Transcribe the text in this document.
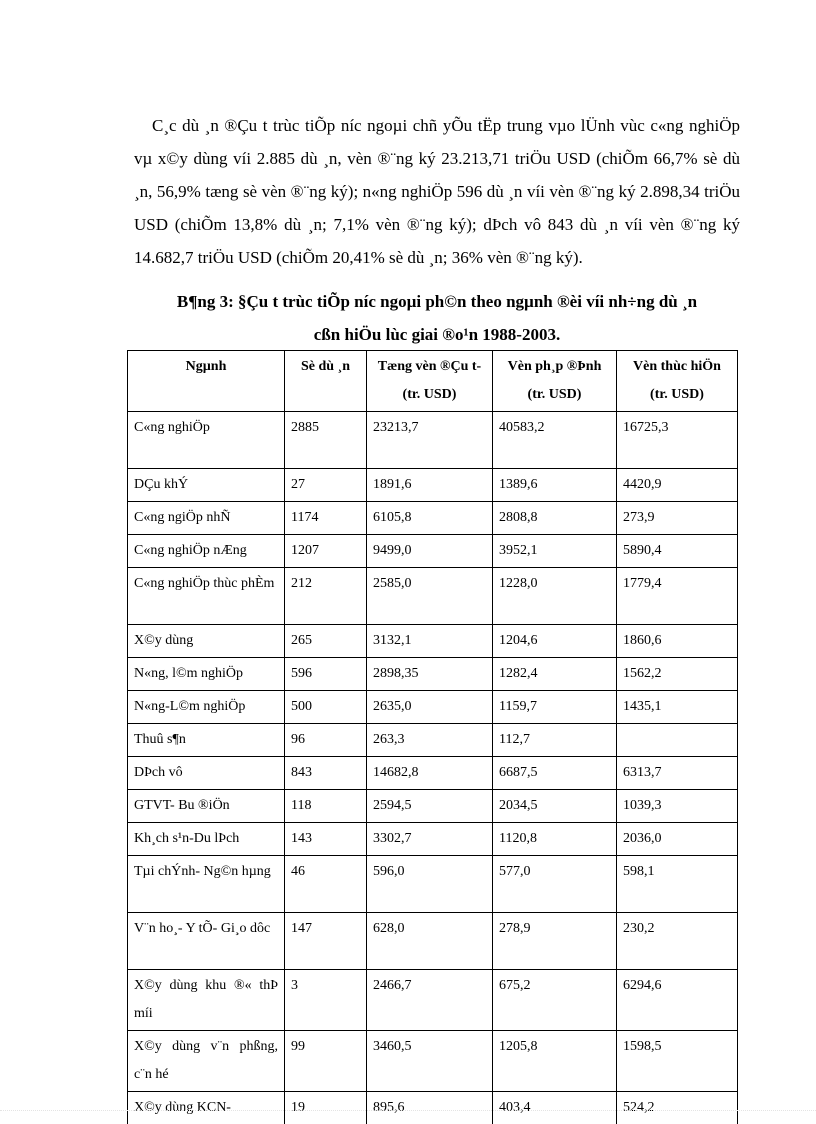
C¸c dù ¸n ®Çu t trùc tiÕp níc ngoµi chñ yÕu tËp trung vµo lÜnh vùc c«ng nghiÖp vµ x©y dùng víi 2.885 dù ¸n, vèn ®¨ng ký 23.213,71 triÖu USD (chiÕm 66,7% sè dù ¸n, 56,9% tæng sè vèn ®¨ng ký); n«ng nghiÖp 596 dù ¸n víi vèn ®¨ng ký 2.898,34 triÖu USD (chiÕm 13,8% dù ¸n; 7,1% vèn ®¨ng ký); dÞch vô 843 dù ¸n víi vèn ®¨ng ký 14.682,7 triÖu USD (chiÕm 20,41% sè dù ¸n; 36% vèn ®¨ng ký).

B¶ng 3: §Çu t trùc tiÕp níc ngoµi ph©n theo ngµnh ®èi víi nh÷ng dù ¸n
cßn hiÖu lùc giai ®o¹n 1988-2003.
Ngµnh	Sè dù ¸n	Tæng vèn ®Çu t (tr. USD)	Vèn ph¸p ®Þnh (tr. USD)	Vèn thùc hiÖn (tr. USD)
C«ng nghiÖp	2885	23213,7	40583,2	16725,3
DÇu khÝ	27	1891,6	1389,6	4420,9
C«ng ngiÖp nhÑ	1174	6105,8	2808,8	273,9
C«ng nghiÖp nÆng	1207	9499,0	3952,1	5890,4
C«ng nghiÖp thùc phÈm	212	2585,0	1228,0	1779,4
X©y dùng	265	3132,1	1204,6	1860,6
N«ng, l©m nghiÖp	596	2898,35	1282,4	1562,2
N«ng-L©m nghiÖp	500	2635,0	1159,7	1435,1
Thuû s¶n	96	263,3	112,7	
DÞch vô	843	14682,8	6687,5	6313,7
GTVT- Bu ®iÖn	118	2594,5	2034,5	1039,3
Kh¸ch s¹n-Du lÞch	143	3302,7	1120,8	2036,0
Tµi chÝnh- Ng©n hµng	46	596,0	577,0	598,1
V¨n ho¸- Y tÕ- Gi¸o dôc	147	628,0	278,9	230,2
X©y dùng khu ®« thÞ míi	3	2466,7	675,2	6294,6
X©y dùng v¨n phßng, c¨n hé	99	3460,5	1205,8	1598,5
X©y dùng KCN-	19	895,6	403,4	524,2
